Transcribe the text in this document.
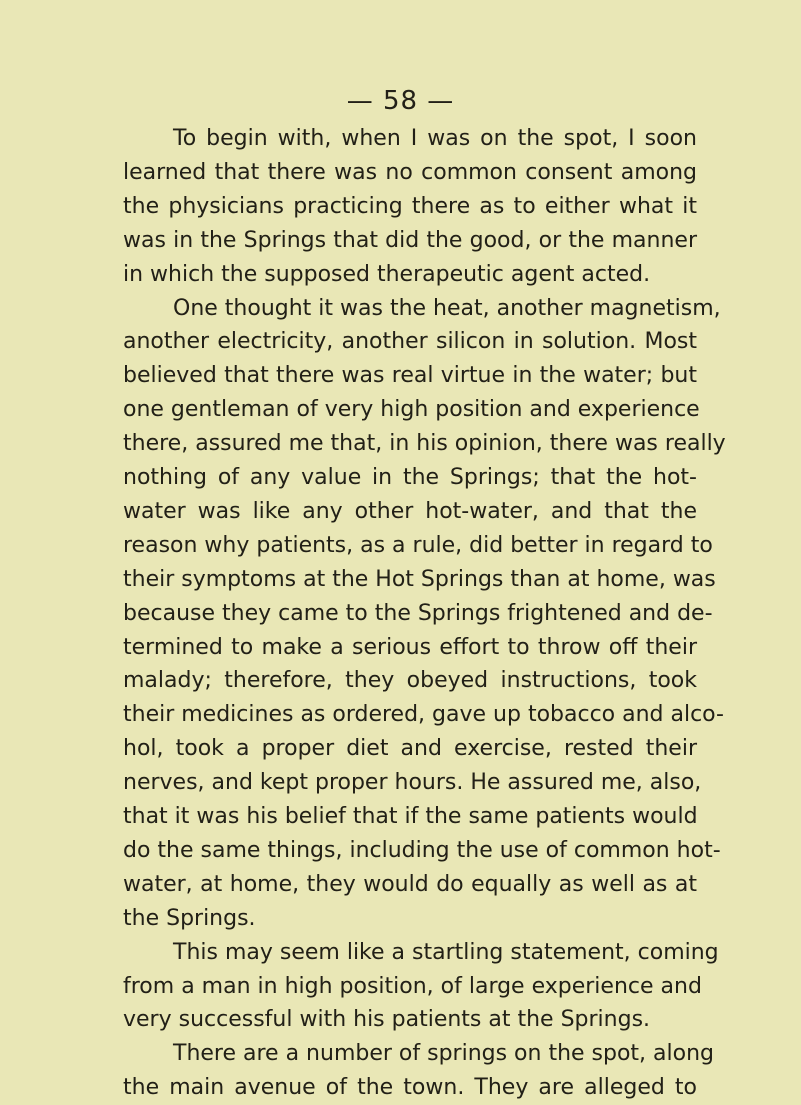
— 58 —
To begin with, when I was on the spot, I soon
learned that there was no common consent among
the physicians practicing there as to either what it
was in the Springs that did the good, or the manner
in which the supposed therapeutic agent acted.
One thought it was the heat, another magnetism,
another electricity, another silicon in solution. Most
believed that there was real virtue in the water; but
one gentleman of very high position and experience
there, assured me that, in his opinion, there was really
nothing of any value in the Springs; that the hot-
water was like any other hot-water, and that the
reason why patients, as a rule, did better in regard to
their symptoms at the Hot Springs than at home, was
because they came to the Springs frightened and de-
termined to make a serious effort to throw off their
malady; therefore, they obeyed instructions, took
their medicines as ordered, gave up tobacco and alco-
hol, took a proper diet and exercise, rested their
nerves, and kept proper hours. He assured me, also,
that it was his belief that if the same patients would
do the same things, including the use of common hot-
water, at home, they would do equally as well as at
the Springs.
This may seem like a startling statement, coming
from a man in high position, of large experience and
very successful with his patients at the Springs.
There are a number of springs on the spot, along
the main avenue of the town. They are alleged to
